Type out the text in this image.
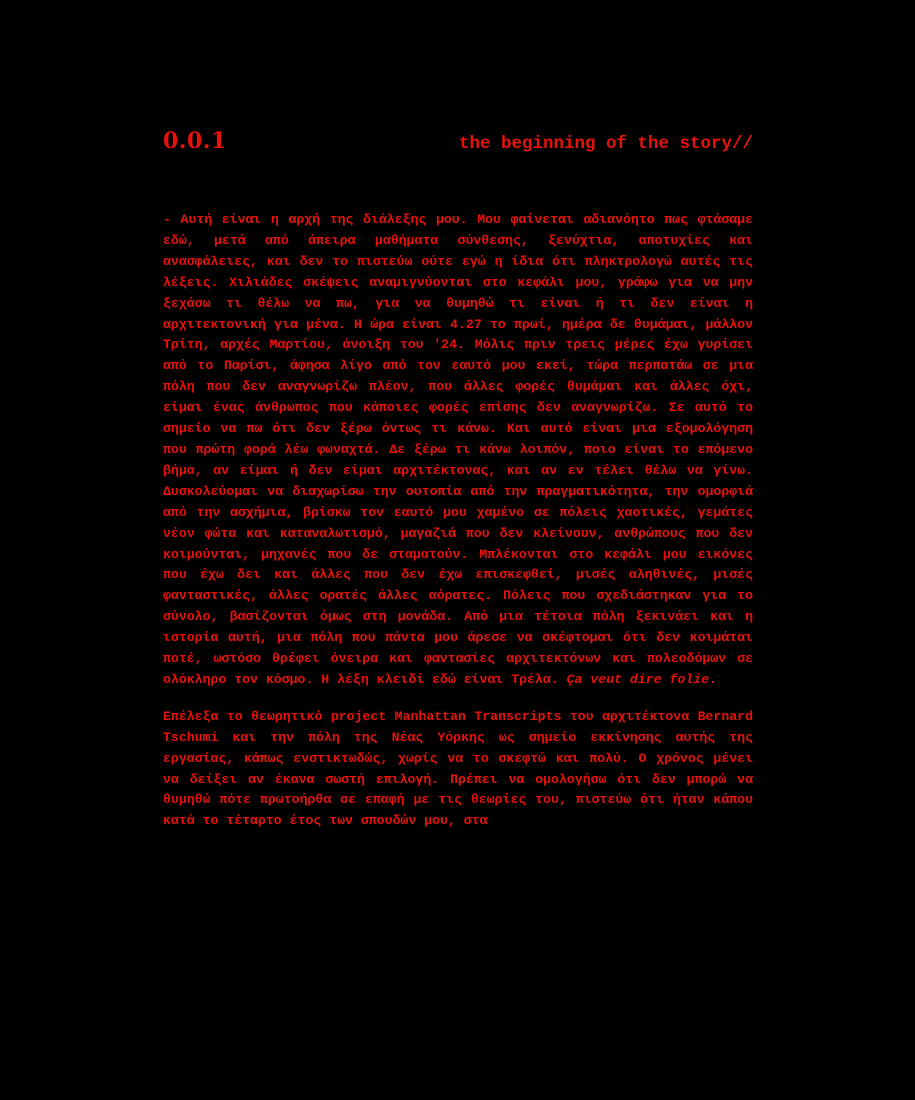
0.0.1	the beginning of the story//

- Αυτή είναι η αρχή της διάλεξης μου. Μου φαίνεται αδιανόητο πως φτάσαμε εδώ, μετά από άπειρα μαθήματα σύνθεσης, ξενύχτια, αποτυχίες και ανασφάλειες, και δεν το πιστεύω ούτε εγώ η ίδια ότι πληκτρολογώ αυτές τις λέξεις. Χιλιάδες σκέψεις αναμιγνύονται στο κεφάλι μου, γράφω για να μην ξεχάσω τι θέλω να πω, για να θυμηθώ τι είναι ή τι δεν είναι η αρχιτεκτονική για μένα. Η ώρα είναι 4.27 το πρωί, ημέρα δε θυμάμαι, μάλλον Τρίτη, αρχές Μαρτίου, άνοιξη του '24. Μόλις πριν τρεις μέρες έχω γυρίσει από το Παρίσι, άφησα λίγο από τον εαυτό μου εκεί, τώρα περπατάω σε μια πόλη που δεν αναγνωρίζω πλέον, που άλλες φορές θυμάμαι και άλλες όχι, είμαι ένας άνθρωπος που κάποιες φορές επίσης δεν αναγνωρίζω. Σε αυτό το σημείο να πω ότι δεν ξέρω όντως τι κάνω. Και αυτό είναι μια εξομολόγηση που πρώτη φορά λέω φωναχτά. Δε ξέρω τι κάνω λοιπόν, ποιο είναι το επόμενο βήμα, αν είμαι ή δεν είμαι αρχιτέκτονας, και αν εν τέλει θέλω να γίνω. Δυσκολεύομαι να διαχωρίσω την ουτοπία από την πραγματικότητα, την ομορφιά από την ασχήμια, βρίσκω τον εαυτό μου χαμένο σε πόλεις χαοτικές, γεμάτες νέον φώτα και καταναλωτισμό, μαγαζιά που δεν κλείνουν, ανθρώπους που δεν κοιμούνται, μηχανές που δε σταματούν. Μπλέκονται στο κεφάλι μου εικόνες που έχω δει και άλλες που δεν έχω επισκεφθεί, μισές αληθινές, μισές φανταστικές, άλλες ορατές άλλες αόρατες. Πόλεις που σχεδιάστηκαν για το σύνολο, βασίζονται όμως στη μονάδα. Από μια τέτοια πόλη ξεκινάει και η ιστορία αυτή, μια πόλη που πάντα μου άρεσε να σκέφτομαι ότι δεν κοιμάται ποτέ, ωστόσο θρέφει όνειρα και φαντασίες αρχιτεκτόνων και πολεοδόμων σε ολόκληρο τον κόσμο. Η λέξη κλειδί εδώ είναι Τρέλα. Ça veut dire folie.

Επέλεξα το θεωρητικό project Manhattan Transcripts του αρχιτέκτονα Bernard Tschumi και την πόλη της Νέας Υόρκης ως σημείο εκκίνησης αυτής της εργασίας, κάπως ενστικτωδώς, χωρίς να το σκεφτώ και πολύ. Ο χρόνος μένει να δείξει αν έκανα σωστή επιλογή. Πρέπει να ομολογήσω ότι δεν μπορώ να θυμηθώ πότε πρωτοήρθα σε επαφή με τις θεωρίες του, πιστεύω ότι ήταν κάπου κατά το τέταρτο έτος των σπουδών μου, στα
